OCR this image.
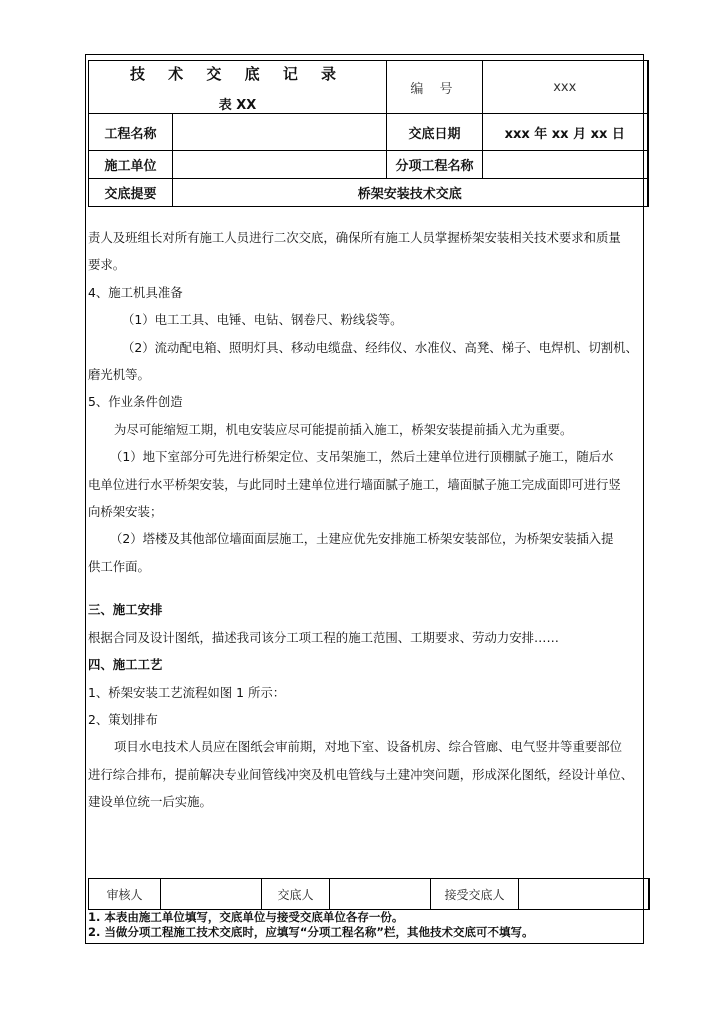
技 术 交 底 记 录
表 XX		编 号	xxx
工程名称		交底日期	xxx 年 xx 月 xx 日
施工单位		分项工程名称	
交底提要	桥架安装技术交底		

责人及班组长对所有施工人员进行二次交底，确保所有施工人员掌握桥架安装相关技术要求和质量

要求。

4、施工机具准备

（1）电工工具、电锤、电钻、钢卷尺、粉线袋等。

（2）流动配电箱、照明灯具、移动电缆盘、经纬仪、水准仪、高凳、梯子、电焊机、切割机、

磨光机等。

5、作业条件创造

为尽可能缩短工期，机电安装应尽可能提前插入施工，桥架安装提前插入尤为重要。

（1）地下室部分可先进行桥架定位、支吊架施工，然后土建单位进行顶棚腻子施工，随后水

电单位进行水平桥架安装，与此同时土建单位进行墙面腻子施工，墙面腻子施工完成面即可进行竖

向桥架安装；

（2）塔楼及其他部位墙面面层施工，土建应优先安排施工桥架安装部位，为桥架安装插入提

供工作面。

三、施工安排

根据合同及设计图纸，描述我司该分工项工程的施工范围、工期要求、劳动力安排……

四、施工工艺

1、桥架安装工艺流程如图 1 所示：

2、策划排布

项目水电技术人员应在图纸会审前期，对地下室、设备机房、综合管廊、电气竖井等重要部位

进行综合排布，提前解决专业间管线冲突及机电管线与土建冲突问题，形成深化图纸，经设计单位、

建设单位统一后实施。

审核人		交底人		接受交底人	

1. 本表由施工单位填写，交底单位与接受交底单位各存一份。

2. 当做分项工程施工技术交底时，应填写“分项工程名称”栏，其他技术交底可不填写。
